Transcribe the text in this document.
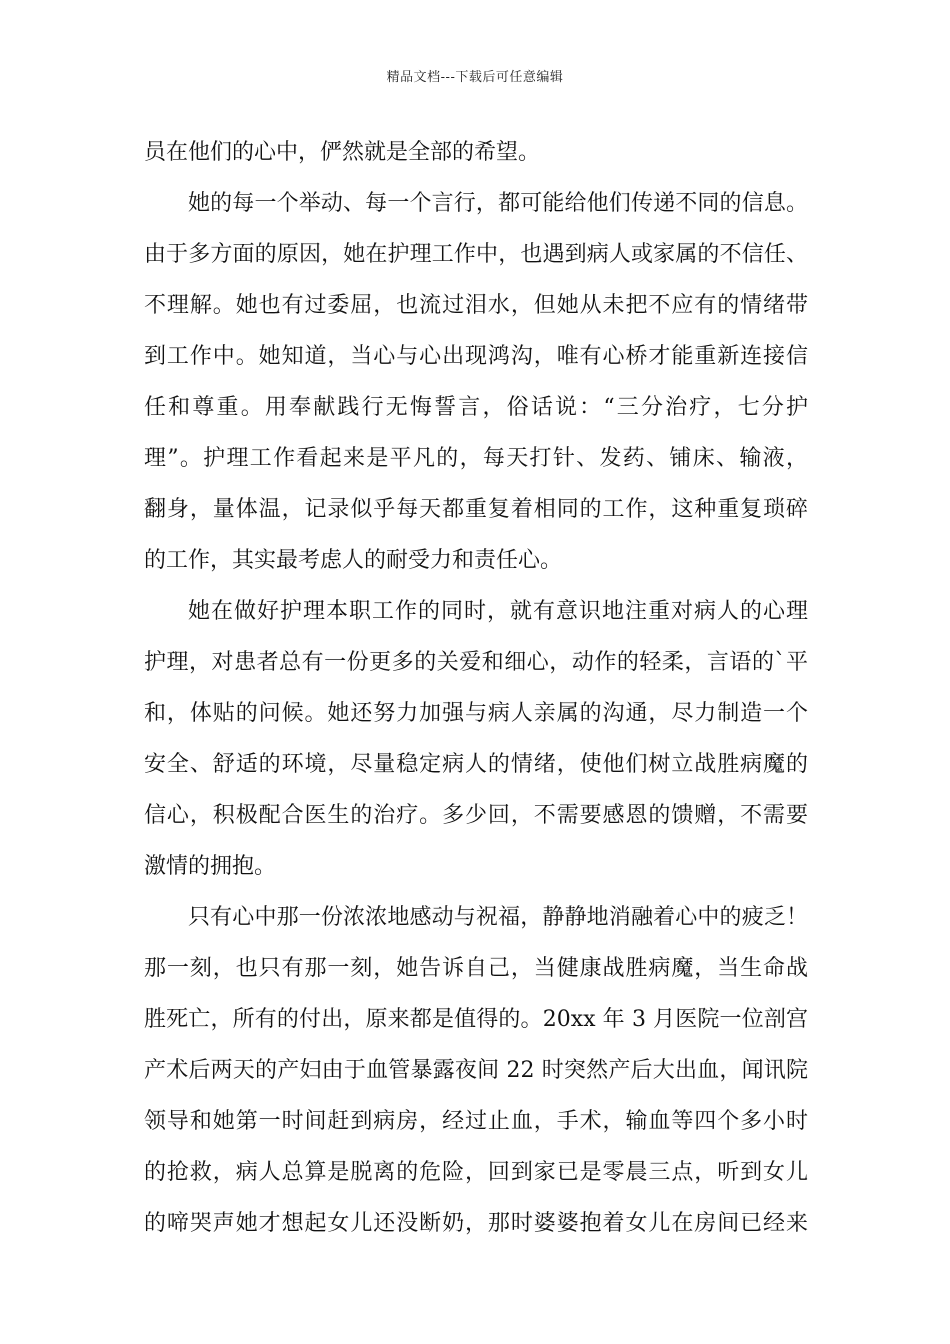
精品文档---下载后可任意编辑
员在他们的心中，俨然就是全部的希望。
她的每一个举动、每一个言行，都可能给他们传递不同的信息。
由于多方面的原因，她在护理工作中，也遇到病人或家属的不信任、
不理解。她也有过委屈，也流过泪水，但她从未把不应有的情绪带
到工作中。她知道，当心与心出现鸿沟，唯有心桥才能重新连接信
任和尊重。用奉献践行无悔誓言，俗话说：“三分治疗，七分护
理”。护理工作看起来是平凡的，每天打针、发药、铺床、输液，
翻身，量体温，记录似乎每天都重复着相同的工作，这种重复琐碎
的工作，其实最考虑人的耐受力和责任心。
她在做好护理本职工作的同时，就有意识地注重对病人的心理
护理，对患者总有一份更多的关爱和细心，动作的轻柔，言语的`平
和，体贴的问候。她还努力加强与病人亲属的沟通，尽力制造一个
安全、舒适的环境，尽量稳定病人的情绪，使他们树立战胜病魔的
信心，积极配合医生的治疗。多少回，不需要感恩的馈赠，不需要
激情的拥抱。
只有心中那一份浓浓地感动与祝福，静静地消融着心中的疲乏！
那一刻，也只有那一刻，她告诉自己，当健康战胜病魔，当生命战
胜死亡，所有的付出，原来都是值得的。20xx 年 3 月医院一位剖宫
产术后两天的产妇由于血管暴露夜间 22 时突然产后大出血，闻讯院
领导和她第一时间赶到病房，经过止血，手术，输血等四个多小时
的抢救，病人总算是脱离的危险，回到家已是零晨三点，听到女儿
的啼哭声她才想起女儿还没断奶，那时婆婆抱着女儿在房间已经来
